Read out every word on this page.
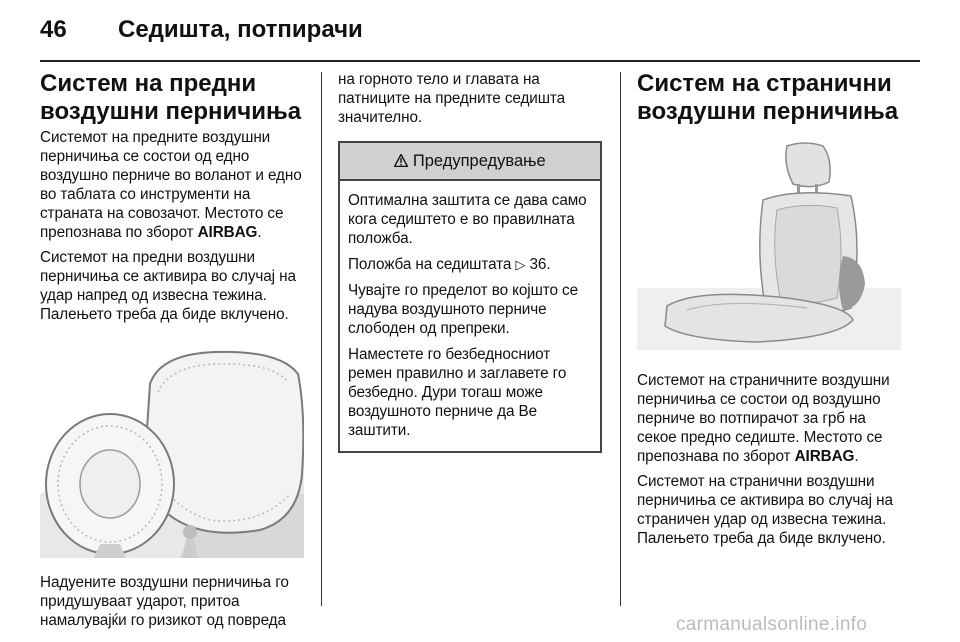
46 Седишта, потпирачи
Систем на предни воздушни перничиња

Системот на предните воздушни перничиња се состои од едно воздушно перниче во воланот и едно во таблата со инструменти на страната на совозачот. Местото се препознава по зборот AIRBAG.

Системот на предни воздушни перничиња се активира во случај на удар напред од извесна тежина. Палењето треба да биде вклучено.

Надуените воздушни перничиња го придушуваат ударот, притоа намалувајќи го ризикот од повреда

на горното тело и главата на патниците на предните седишта значително.

Предупредување

Оптимална заштита се дава само кога седиштето е во правилната положба.

Положба на седиштата ▷ 36.

Чувајте го пределот во којшто се надува воздушното перниче слободен од препреки.

Наместете го безбедносниот ремен правилно и заглавете го безбедно. Дури тогаш може воздушното перниче да Ве заштити.

Систем на странични воздушни перничиња

Системот на страничните воздушни перничиња се состои од воздушно перниче во потпирачот за грб на секое предно седиште. Местото се препознава по зборот AIRBAG.

Системот на странични воздушни перничиња се активира во случај на страничен удар од извесна тежина. Палењето треба да биде вклучено.

carmanualsonline.info
